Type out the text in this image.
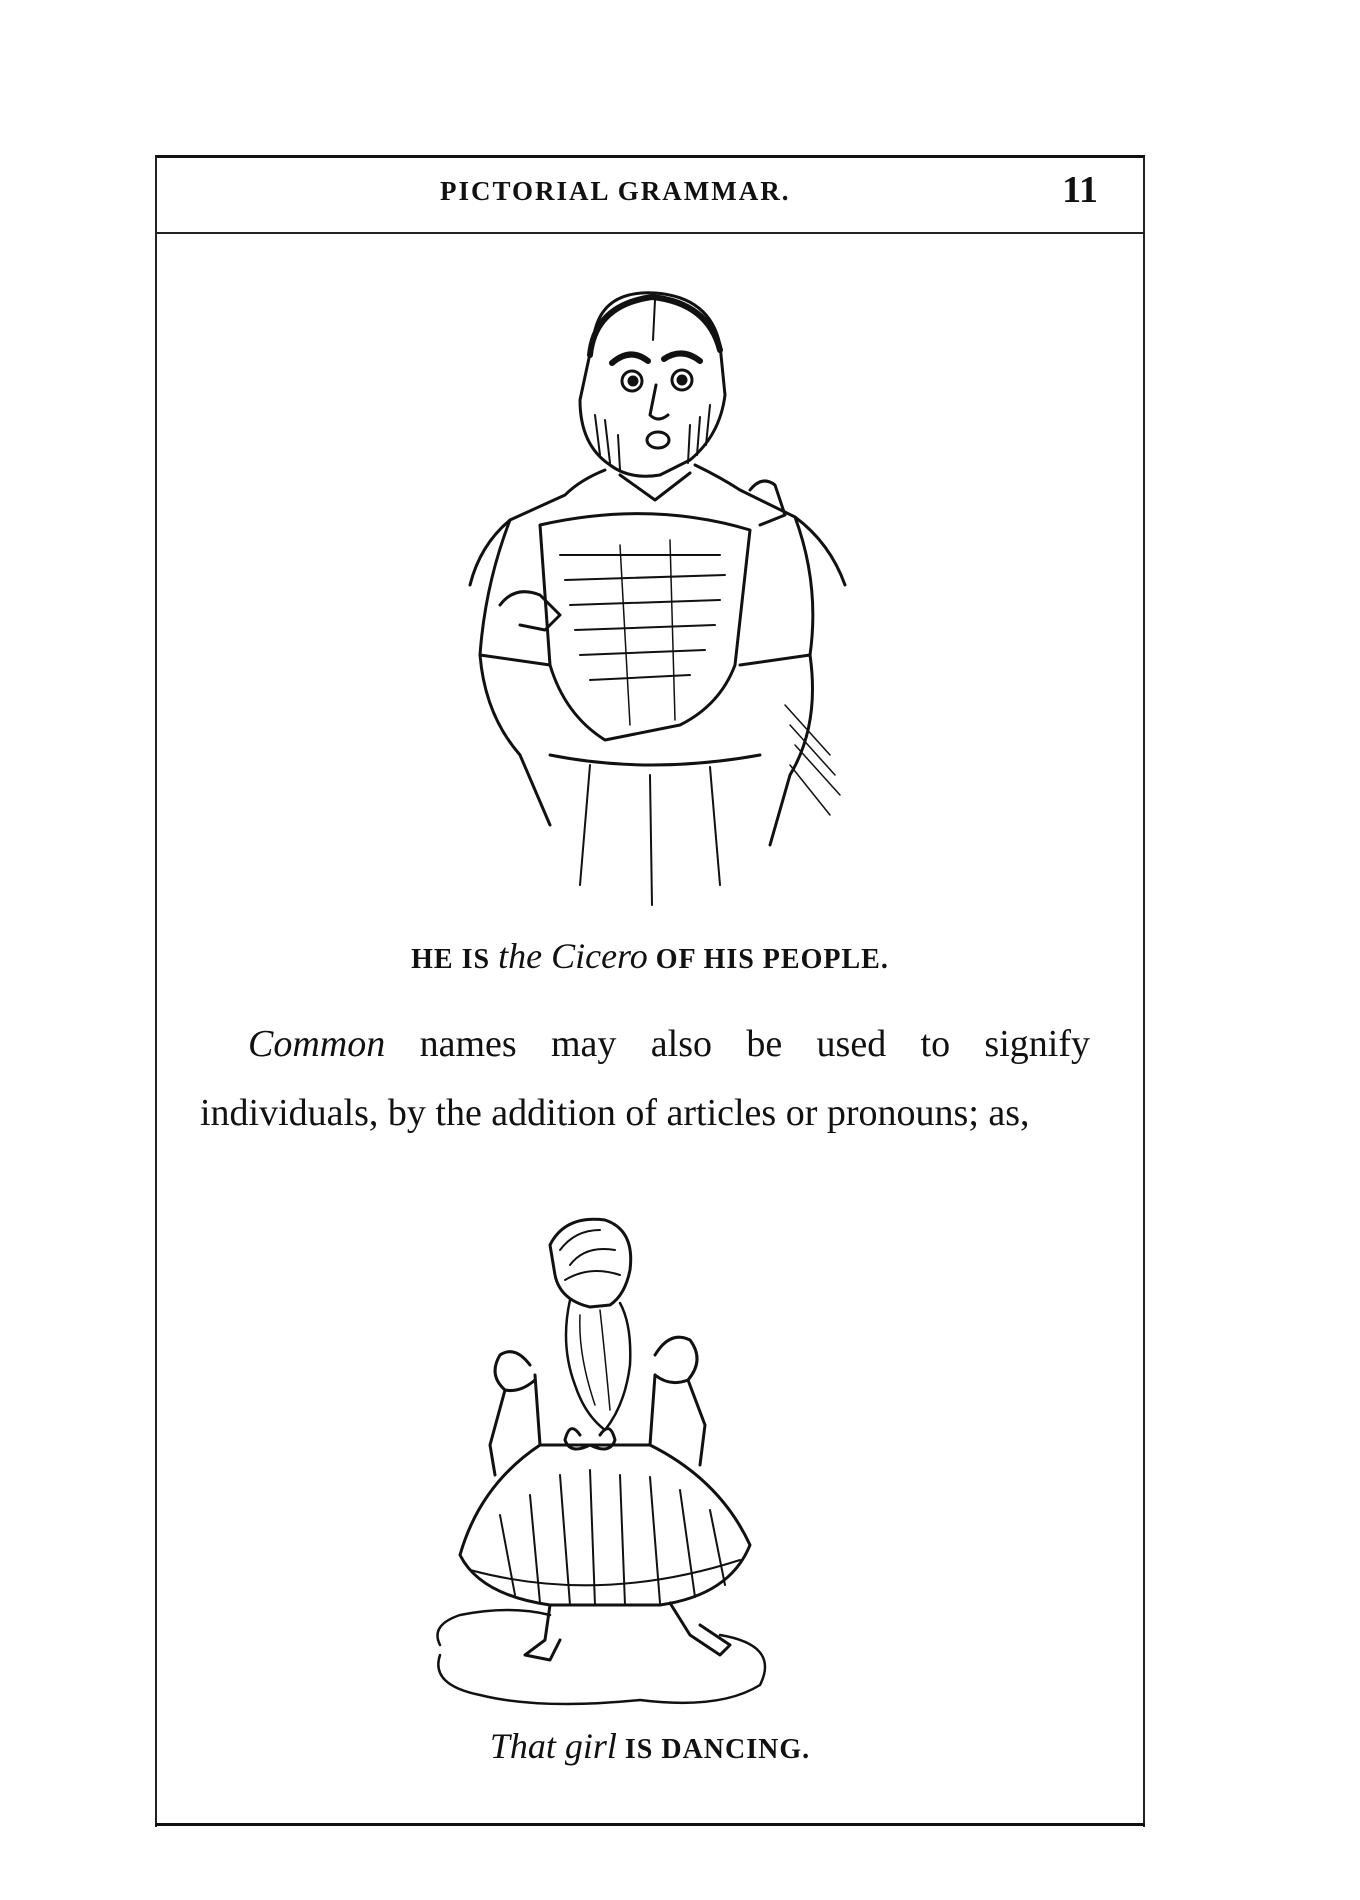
PICTORIAL GRAMMAR.	11
HE IS the Cicero OF HIS PEOPLE.
Common names may also be used to signify individuals, by the addition of articles or pronouns; as,
That girl IS DANCING.
